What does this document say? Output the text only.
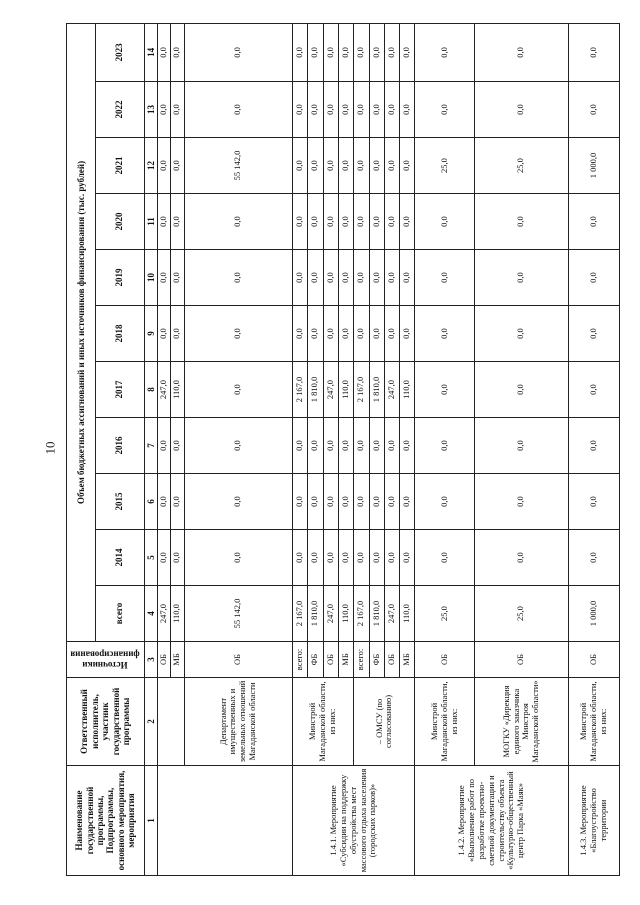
10
Наименование государственной программы, Подпрограммы, основного мероприятия, мероприятия	Ответственный исполнитель, участник государственной программы	Источники финансирования	Объем бюджетных ассигнований и иных источников финансирования (тыс. рублей)										
			всего	2014	2015	2016	2017	2018	2019	2020	2021	2022	2023
1	2	3	4	5	6	7	8	9	10	11	12	13	14
		ОБ	247,0	0,0	0,0	0,0	247,0	0,0	0,0	0,0	0,0	0,0	0,0
		МБ	110,0	0,0	0,0	0,0	110,0	0,0	0,0	0,0	0,0	0,0	0,0
	Департамент имущественных и земельных отношений Магаданской области	ОБ	55 142,0	0,0	0,0	0,0	0,0	0,0	0,0	0,0	55 142,0	0,0	0,0
1.4.1. Мероприятие «Субсидии на поддержку обустройства мест массового отдыха населения (городских парков)»	Минстрой Магаданской области, из них:	всего:	2 167,0	0,0	0,0	0,0	2 167,0	0,0	0,0	0,0	0,0	0,0	0,0
		ФБ	1 810,0	0,0	0,0	0,0	1 810,0	0,0	0,0	0,0	0,0	0,0	0,0
		ОБ	247,0	0,0	0,0	0,0	247,0	0,0	0,0	0,0	0,0	0,0	0,0
		МБ	110,0	0,0	0,0	0,0	110,0	0,0	0,0	0,0	0,0	0,0	0,0
	– ОМСУ (по согласованию)	всего:	2 167,0	0,0	0,0	0,0	2 167,0	0,0	0,0	0,0	0,0	0,0	0,0
		ФБ	1 810,0	0,0	0,0	0,0	1 810,0	0,0	0,0	0,0	0,0	0,0	0,0
		ОБ	247,0	0,0	0,0	0,0	247,0	0,0	0,0	0,0	0,0	0,0	0,0
		МБ	110,0	0,0	0,0	0,0	110,0	0,0	0,0	0,0	0,0	0,0	0,0
1.4.2. Мероприятие «Выполнение работ по разработке проектно-сметной документации и строительству объекта «Культурно-общественный центр Парка «Маяк»	Минстрой Магаданской области, из них:	ОБ	25,0	0,0	0,0	0,0	0,0	0,0	0,0	0,0	25,0	0,0	0,0
	МОГКУ «Дирекция единого заказчика Минстроя Магаданской области»	ОБ	25,0	0,0	0,0	0,0	0,0	0,0	0,0	0,0	25,0	0,0	0,0
1.4.3. Мероприятие «Благоустройство территории	Минстрой Магаданской области, из них:	ОБ	1 000,0	0,0	0,0	0,0	0,0	0,0	0,0	0,0	1 000,0	0,0	0,0
